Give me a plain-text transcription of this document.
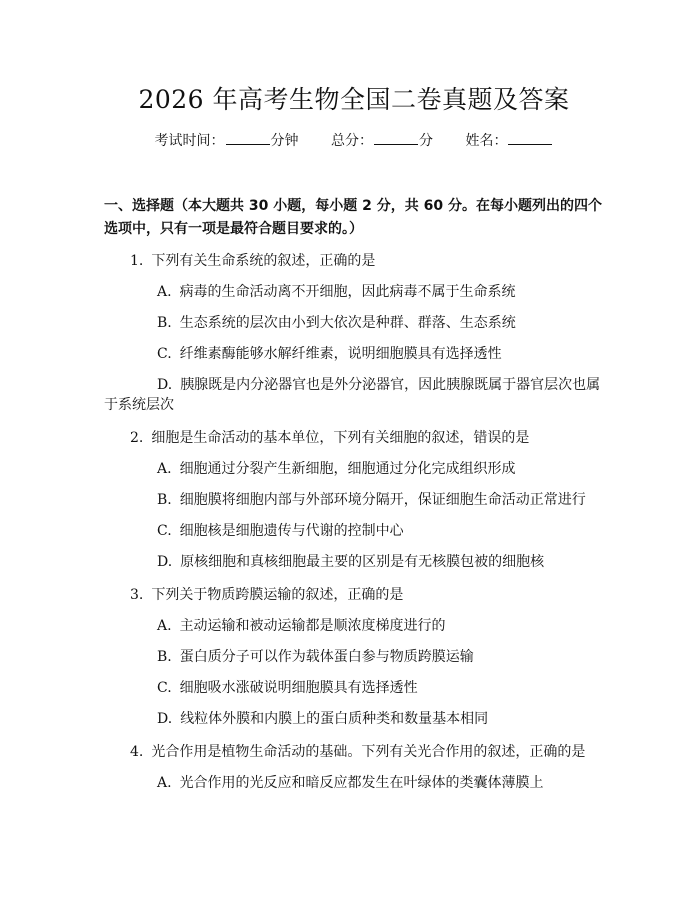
2026 年高考生物全国二卷真题及答案
考试时间：	分钟 总分：	分 姓名：
一、选择题（本大题共 30 小题，每小题 2 分，共 60 分。在每小题列出的四个选项中，只有一项是最符合题目要求的。）
1. 下列有关生命系统的叙述，正确的是
A. 病毒的生命活动离不开细胞，因此病毒不属于生命系统
B. 生态系统的层次由小到大依次是种群、群落、生态系统
C. 纤维素酶能够水解纤维素，说明细胞膜具有选择透性
D. 胰腺既是内分泌器官也是外分泌器官，因此胰腺既属于器官层次也属于系统层次
2. 细胞是生命活动的基本单位，下列有关细胞的叙述，错误的是
A. 细胞通过分裂产生新细胞，细胞通过分化完成组织形成
B. 细胞膜将细胞内部与外部环境分隔开，保证细胞生命活动正常进行
C. 细胞核是细胞遗传与代谢的控制中心
D. 原核细胞和真核细胞最主要的区别是有无核膜包被的细胞核
3. 下列关于物质跨膜运输的叙述，正确的是
A. 主动运输和被动运输都是顺浓度梯度进行的
B. 蛋白质分子可以作为载体蛋白参与物质跨膜运输
C. 细胞吸水涨破说明细胞膜具有选择透性
D. 线粒体外膜和内膜上的蛋白质种类和数量基本相同
4. 光合作用是植物生命活动的基础。下列有关光合作用的叙述，正确的是
A. 光合作用的光反应和暗反应都发生在叶绿体的类囊体薄膜上
